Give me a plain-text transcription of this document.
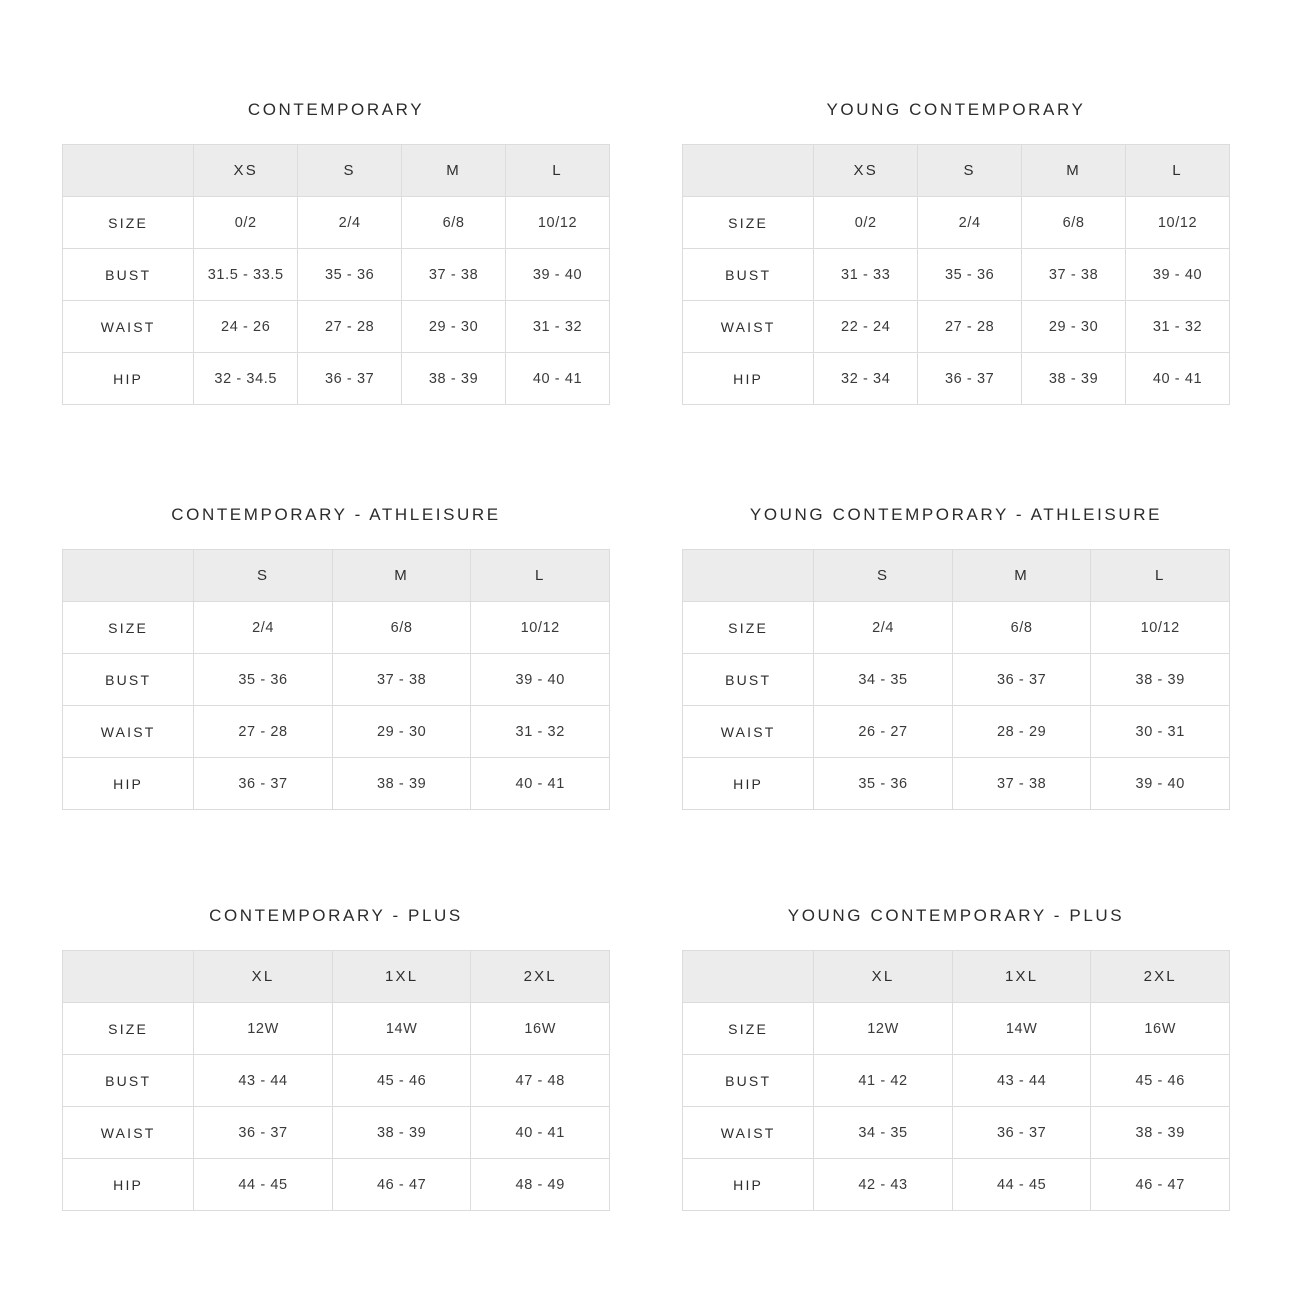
CONTEMPORARY
	XS	S	M	L
SIZE	0/2	2/4	6/8	10/12
BUST	31.5 - 33.5	35 - 36	37 - 38	39 - 40
WAIST	24 - 26	27 - 28	29 - 30	31 - 32
HIP	32 - 34.5	36 - 37	38 - 39	40 - 41
YOUNG CONTEMPORARY
	XS	S	M	L
SIZE	0/2	2/4	6/8	10/12
BUST	31 - 33	35 - 36	37 - 38	39 - 40
WAIST	22 - 24	27 - 28	29 - 30	31 - 32
HIP	32 - 34	36 - 37	38 - 39	40 - 41
CONTEMPORARY - ATHLEISURE
	S	M	L
SIZE	2/4	6/8	10/12
BUST	35 - 36	37 - 38	39 - 40
WAIST	27 - 28	29 - 30	31 - 32
HIP	36 - 37	38 - 39	40 - 41
YOUNG CONTEMPORARY - ATHLEISURE
	S	M	L
SIZE	2/4	6/8	10/12
BUST	34 - 35	36 - 37	38 - 39
WAIST	26 - 27	28 - 29	30 - 31
HIP	35 - 36	37 - 38	39 - 40
CONTEMPORARY - PLUS
	XL	1XL	2XL
SIZE	12W	14W	16W
BUST	43 - 44	45 - 46	47 - 48
WAIST	36 - 37	38 - 39	40 - 41
HIP	44 - 45	46 - 47	48 - 49
YOUNG CONTEMPORARY - PLUS
	XL	1XL	2XL
SIZE	12W	14W	16W
BUST	41 - 42	43 - 44	45 - 46
WAIST	34 - 35	36 - 37	38 - 39
HIP	42 - 43	44 - 45	46 - 47
